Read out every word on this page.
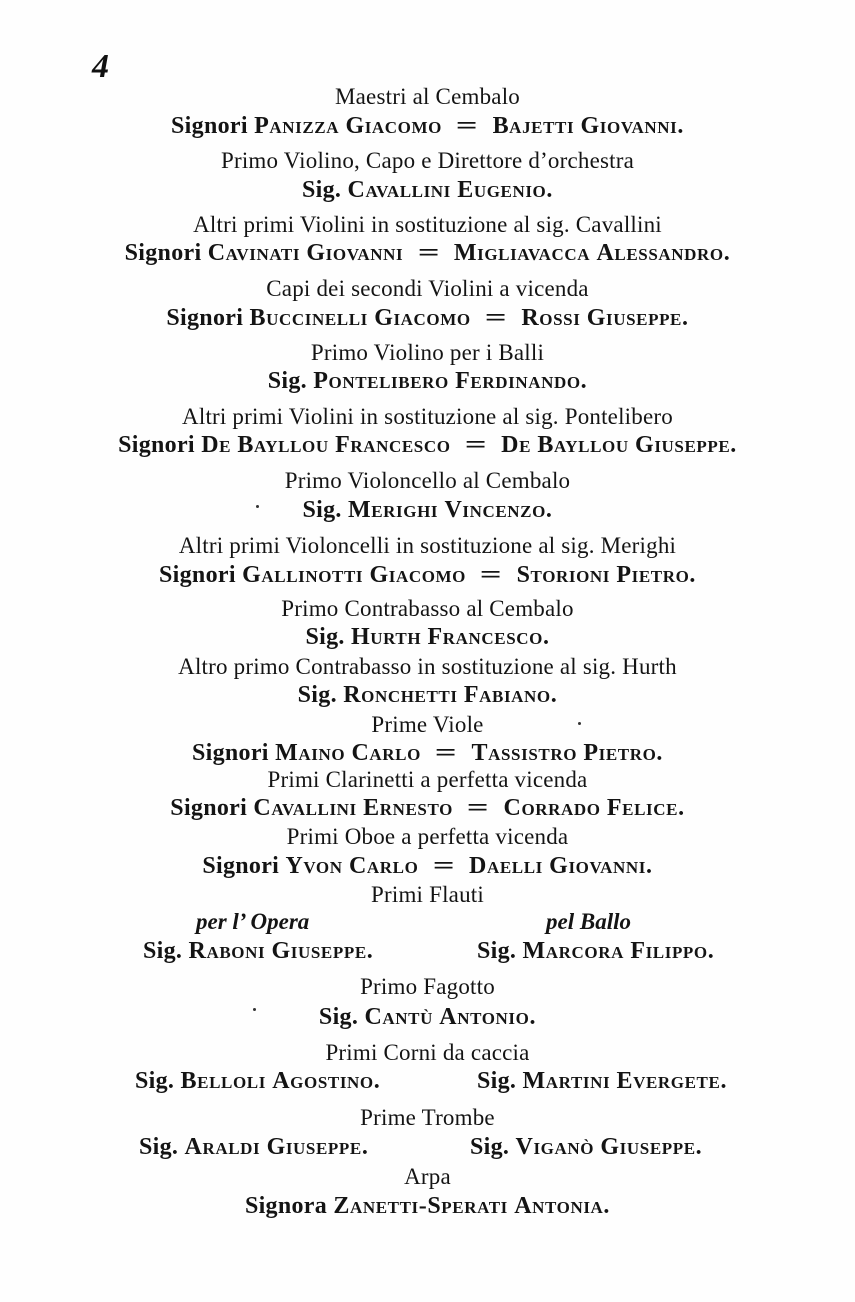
4
Maestri al Cembalo
Signori Panizza Giacomo = Bajetti Giovanni.
Primo Violino, Capo e Direttore d’orchestra
Sig. Cavallini Eugenio.
Altri primi Violini in sostituzione al sig. Cavallini
Signori Cavinati Giovanni = Migliavacca Alessandro.
Capi dei secondi Violini a vicenda
Signori Buccinelli Giacomo = Rossi Giuseppe.
Primo Violino per i Balli
Sig. Pontelibero Ferdinando.
Altri primi Violini in sostituzione al sig. Pontelibero
Signori De Bayllou Francesco = De Bayllou Giuseppe.
Primo Violoncello al Cembalo
Sig. Merighi Vincenzo.
Altri primi Violoncelli in sostituzione al sig. Merighi
Signori Gallinotti Giacomo = Storioni Pietro.
Primo Contrabasso al Cembalo
Sig. Hurth Francesco.
Altro primo Contrabasso in sostituzione al sig. Hurth
Sig. Ronchetti Fabiano.
Prime Viole
Signori Maino Carlo = Tassistro Pietro.
Primi Clarinetti a perfetta vicenda
Signori Cavallini Ernesto = Corrado Felice.
Primi Oboe a perfetta vicenda
Signori Yvon Carlo = Daelli Giovanni.
Primi Flauti
per l’ Opera	pel Ballo
Sig. Raboni Giuseppe.	Sig. Marcora Filippo.
Primo Fagotto
Sig. Cantù Antonio.
Primi Corni da caccia
Sig. Belloli Agostino.	Sig. Martini Evergete.
Prime Trombe
Sig. Araldi Giuseppe.	Sig. Viganò Giuseppe.
Arpa
Signora Zanetti-Sperati Antonia.
